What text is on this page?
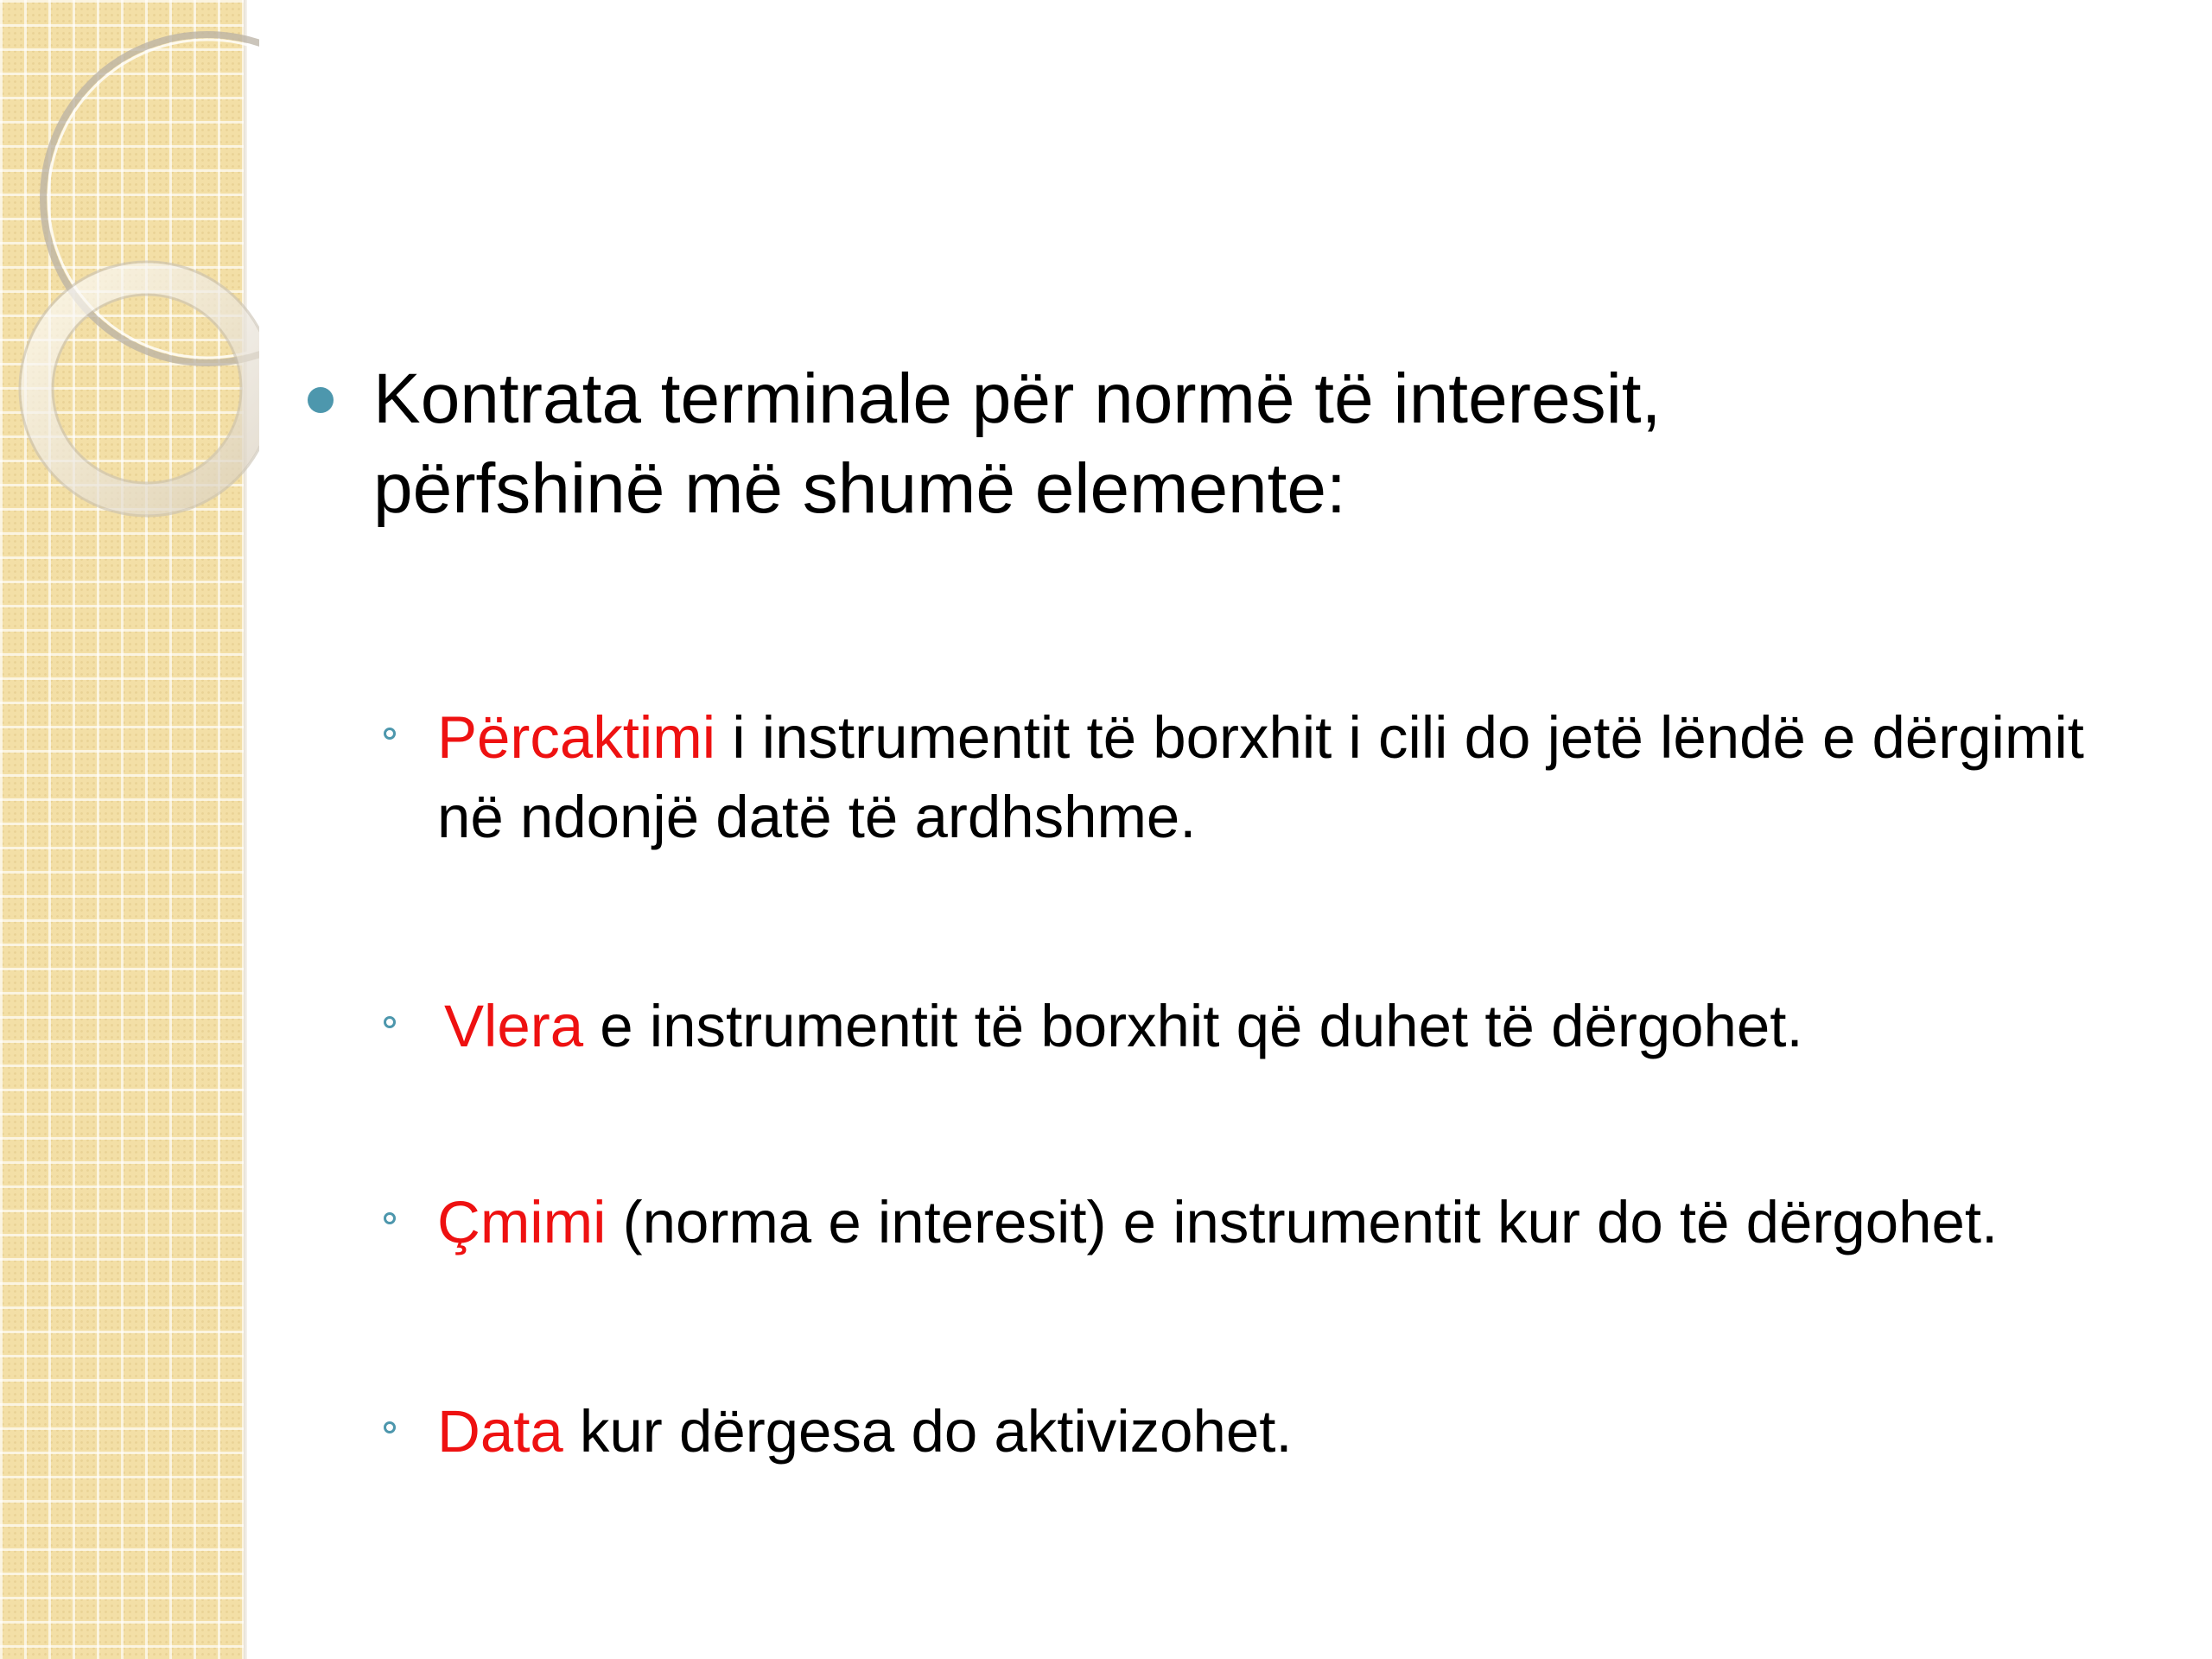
Kontrata terminale për normë të interesit,
përfshinë më shumë elemente:
Përcaktimi i instrumentit të borxhit i cili do jetë lëndë e dërgimit në ndonjë datë të ardhshme.
Vlera e instrumentit të borxhit që duhet të dërgohet.
Çmimi (norma e interesit) e instrumentit kur do të dërgohet.
Data kur dërgesa do aktivizohet.
